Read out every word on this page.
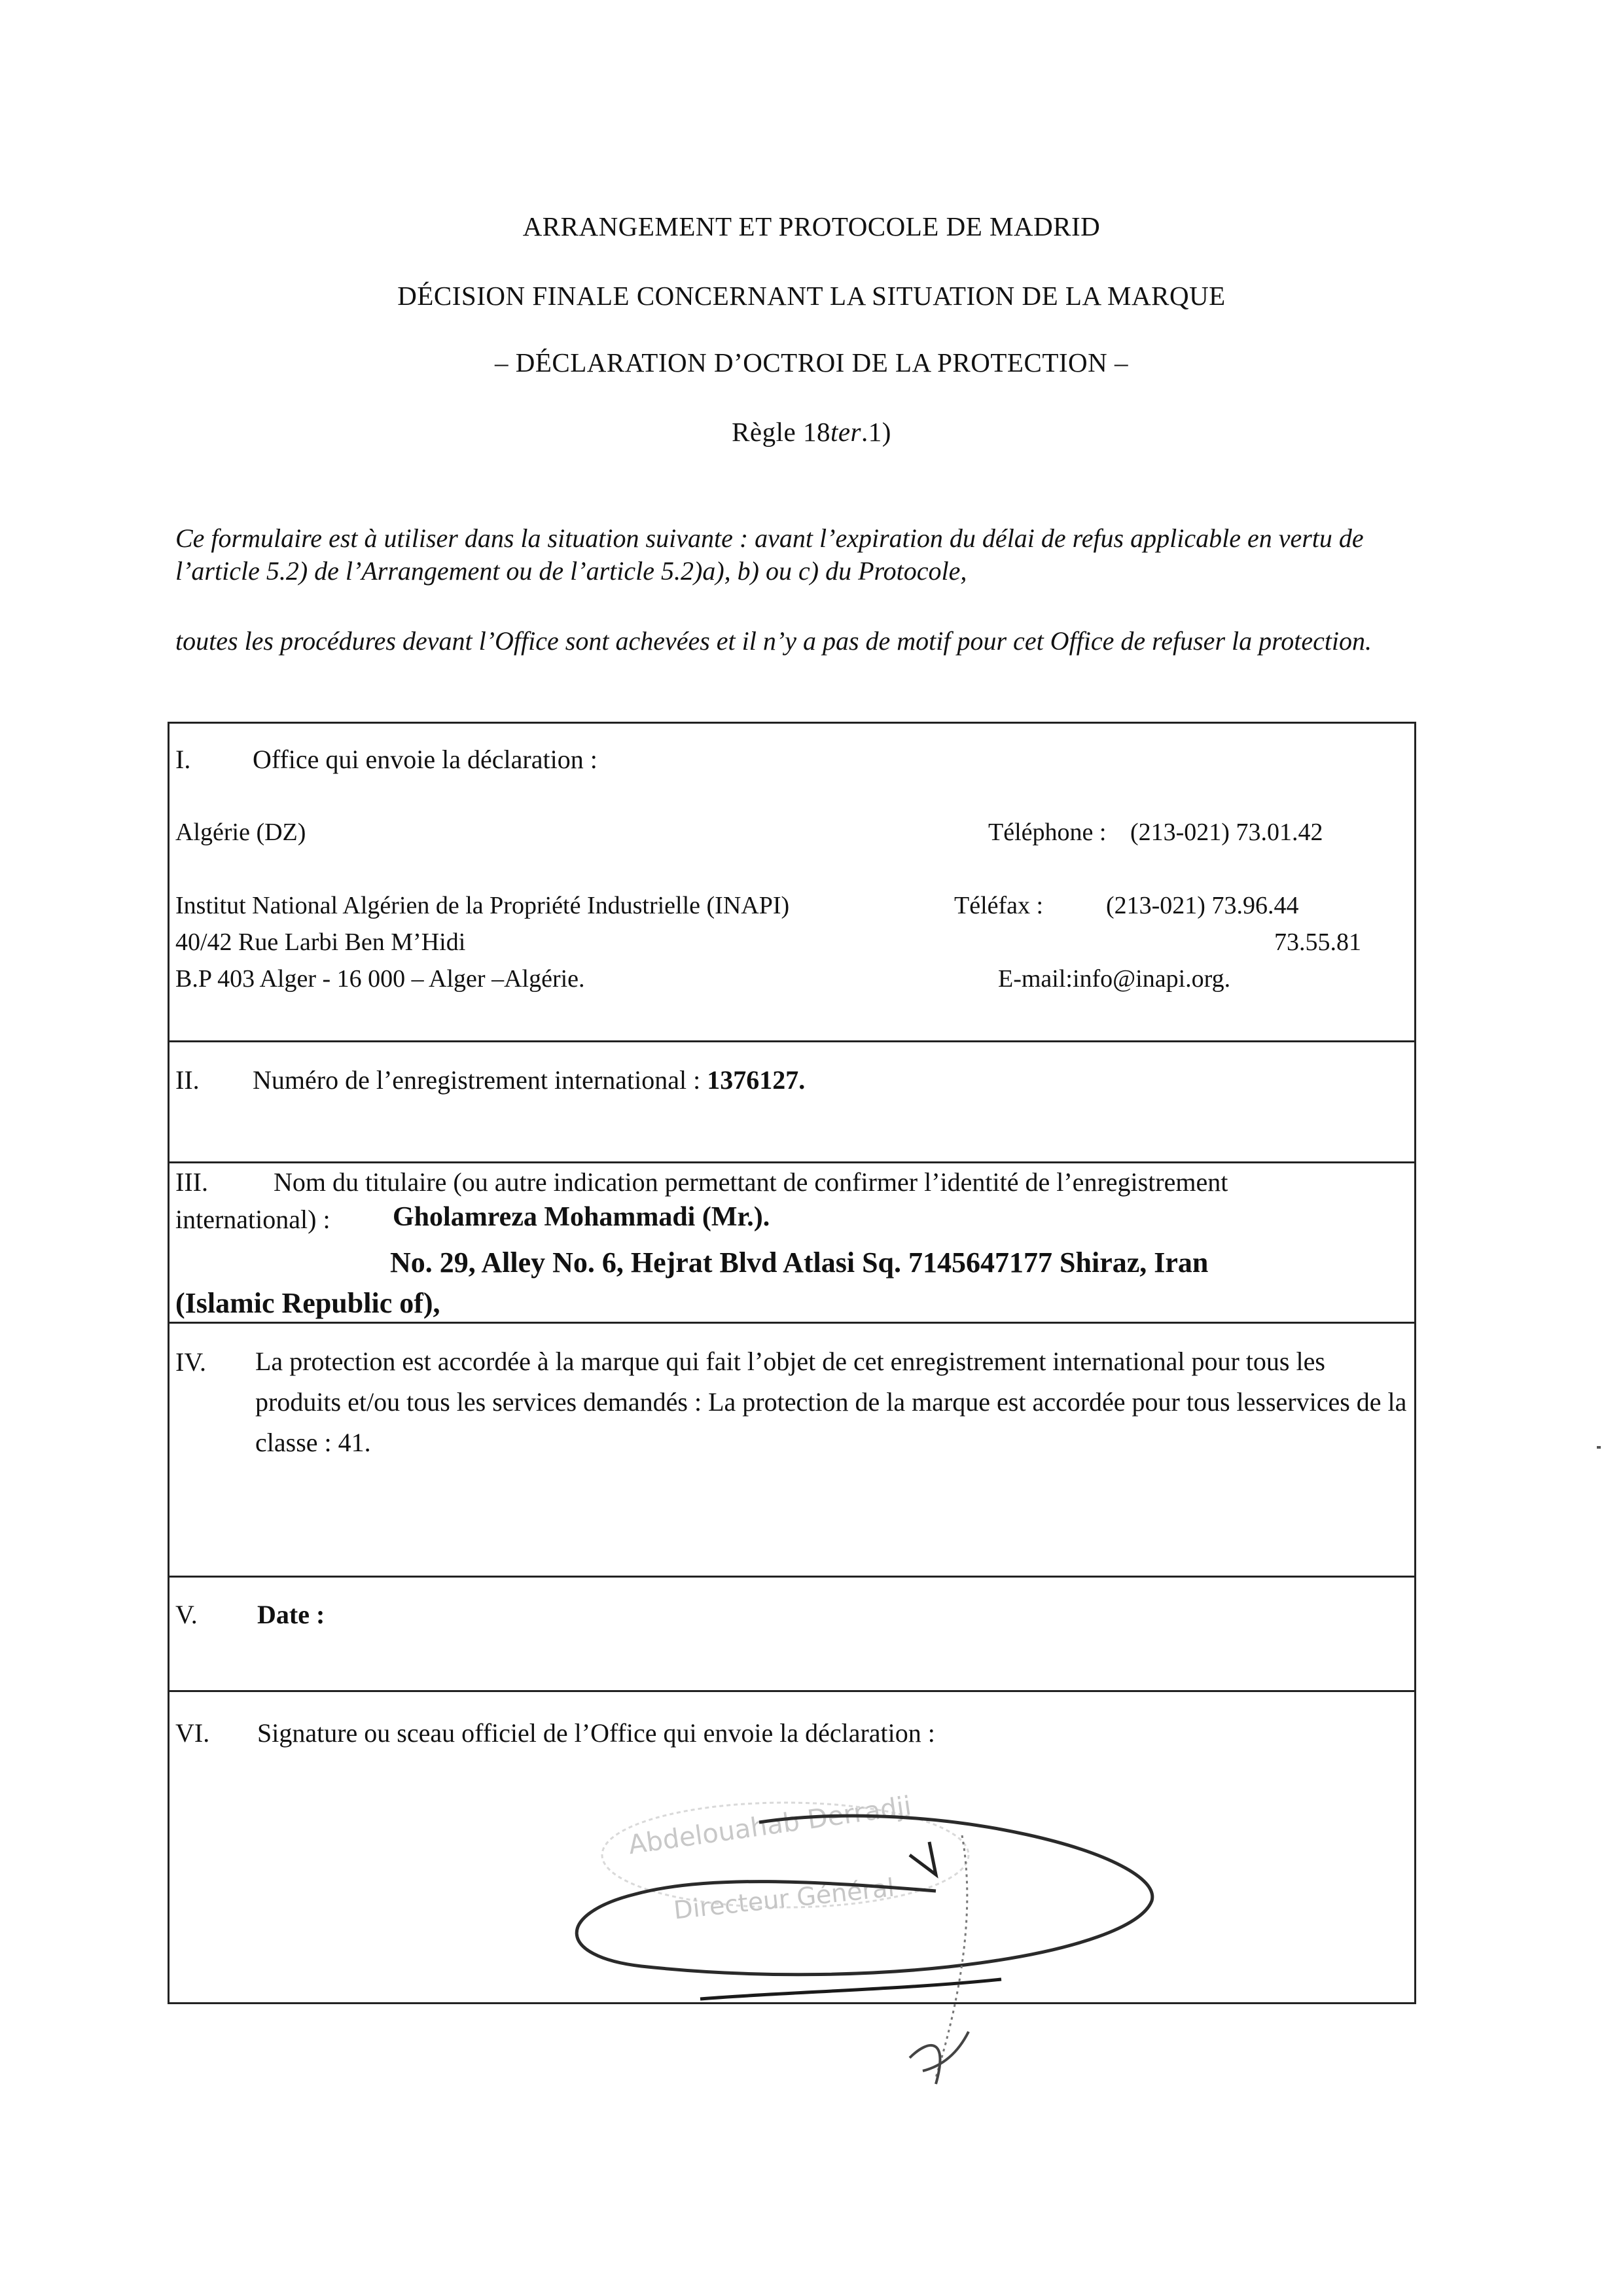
ARRANGEMENT ET PROTOCOLE DE MADRID
DÉCISION FINALE CONCERNANT LA SITUATION DE LA MARQUE
– DÉCLARATION D’OCTROI DE LA PROTECTION –
Règle 18ter.1)
Ce formulaire est à utiliser dans la situation suivante : avant l’expiration du délai de refus applicable en vertu de l’article 5.2) de l’Arrangement ou de l’article 5.2)a), b) ou c) du Protocole,
toutes les procédures devant l’Office sont achevées et il n’y a pas de motif pour cet Office de refuser la protection.
I. Office qui envoie la déclaration :
Algérie (DZ)	Téléphone : (213-021) 73.01.42
Institut National Algérien de la Propriété Industrielle (INAPI)	Téléfax :	(213-021) 73.96.44
40/42 Rue Larbi Ben M’Hidi	73.55.81
B.P 403 Alger - 16 000 – Alger –Algérie.	E-mail:info@inapi.org.
II. Numéro de l’enregistrement international : 1376127.
III.	Nom du titulaire (ou autre indication permettant de confirmer l’identité de l’enregistrement
international) : Gholamreza Mohammadi (Mr.).
No. 29, Alley No. 6, Hejrat Blvd Atlasi Sq. 7145647177 Shiraz, Iran
(Islamic Republic of),
IV. La protection est accordée à la marque qui fait l’objet de cet enregistrement international pour tous les produits et/ou tous les services demandés : La protection de la marque est accordée pour tous lesservices de la classe : 41.
V. Date :
VI. Signature ou sceau officiel de l’Office qui envoie la déclaration :
Abdelouahab Derradji
Directeur Général
